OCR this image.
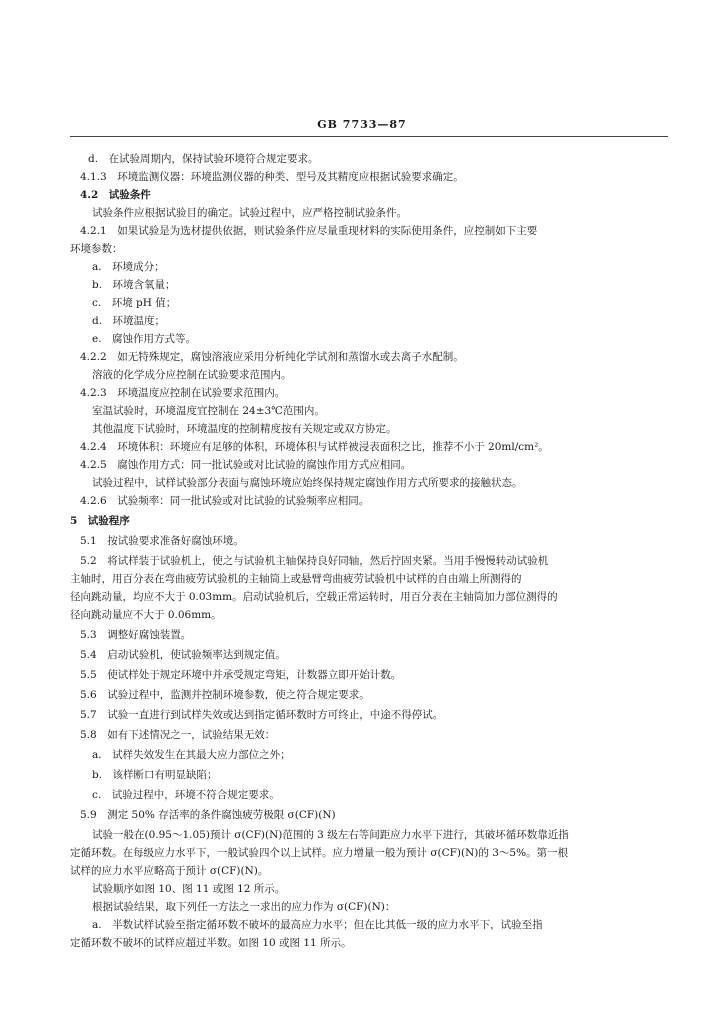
GB 7733—87
d.　在试验周期内，保持试验环境符合规定要求。
4.1.3　环境监测仪器：环境监测仪器的种类、型号及其精度应根据试验要求确定。
4.2　试验条件
试验条件应根据试验目的确定。试验过程中，应严格控制试验条件。
4.2.1　如果试验是为选材提供依据，则试验条件应尽量重现材料的实际使用条件，应控制如下主要
环境参数：
a.　环境成分；
b.　环境含氧量；
c.　环境 pH 值；
d.　环境温度；
e.　腐蚀作用方式等。
4.2.2　如无特殊规定，腐蚀溶液应采用分析纯化学试剂和蒸馏水或去离子水配制。
溶液的化学成分应控制在试验要求范围内。
4.2.3　环境温度应控制在试验要求范围内。
室温试验时，环境温度宜控制在 24±3℃范围内。
其他温度下试验时，环境温度的控制精度按有关规定或双方协定。
4.2.4　环境体积：环境应有足够的体积，环境体积与试样被浸表面积之比，推荐不小于 20ml/cm²。
4.2.5　腐蚀作用方式：同一批试验或对比试验的腐蚀作用方式应相同。
试验过程中，试样试验部分表面与腐蚀环境应始终保持规定腐蚀作用方式所要求的接触状态。
4.2.6　试验频率：同一批试验或对比试验的试验频率应相同。
5　试验程序
5.1　按试验要求准备好腐蚀环境。
5.2　将试样装于试验机上，使之与试验机主轴保持良好同轴，然后拧固夹紧。当用手慢慢转动试验机
主轴时，用百分表在弯曲疲劳试验机的主轴筒上或悬臂弯曲疲劳试验机中试样的自由端上所测得的
径向跳动量，均应不大于 0.03mm。启动试验机后，空载正常运转时，用百分表在主轴筒加力部位测得的
径向跳动量应不大于 0.06mm。
5.3　调整好腐蚀装置。
5.4　启动试验机，使试验频率达到规定值。
5.5　使试样处于规定环境中并承受规定弯矩，计数器立即开始计数。
5.6　试验过程中，监测并控制环境参数，使之符合规定要求。
5.7　试验一直进行到试样失效或达到指定循环数时方可终止，中途不得停试。
5.8　如有下述情况之一，试验结果无效：
a.　试样失效发生在其最大应力部位之外；
b.　该样断口有明显缺陷；
c.　试验过程中，环境不符合规定要求。
5.9　测定 50% 存活率的条件腐蚀疲劳极限 σ(CF)(N)
试验一般在(0.95～1.05)预计 σ(CF)(N)范围的 3 级左右等间距应力水平下进行，其破坏循环数靠近指
定循环数。在每级应力水平下，一般试验四个以上试样。应力增量一般为预计 σ(CF)(N)的 3～5%。第一根
试样的应力水平应略高于预计 σ(CF)(N)。
试验顺序如图 10、图 11 或图 12 所示。
根据试验结果，取下列任一方法之一求出的应力作为 σ(CF)(N)：
a.　半数试样试验至指定循环数不破坏的最高应力水平；但在比其低一级的应力水平下，试验至指
定循环数不破坏的试样应超过半数。如图 10 或图 11 所示。
